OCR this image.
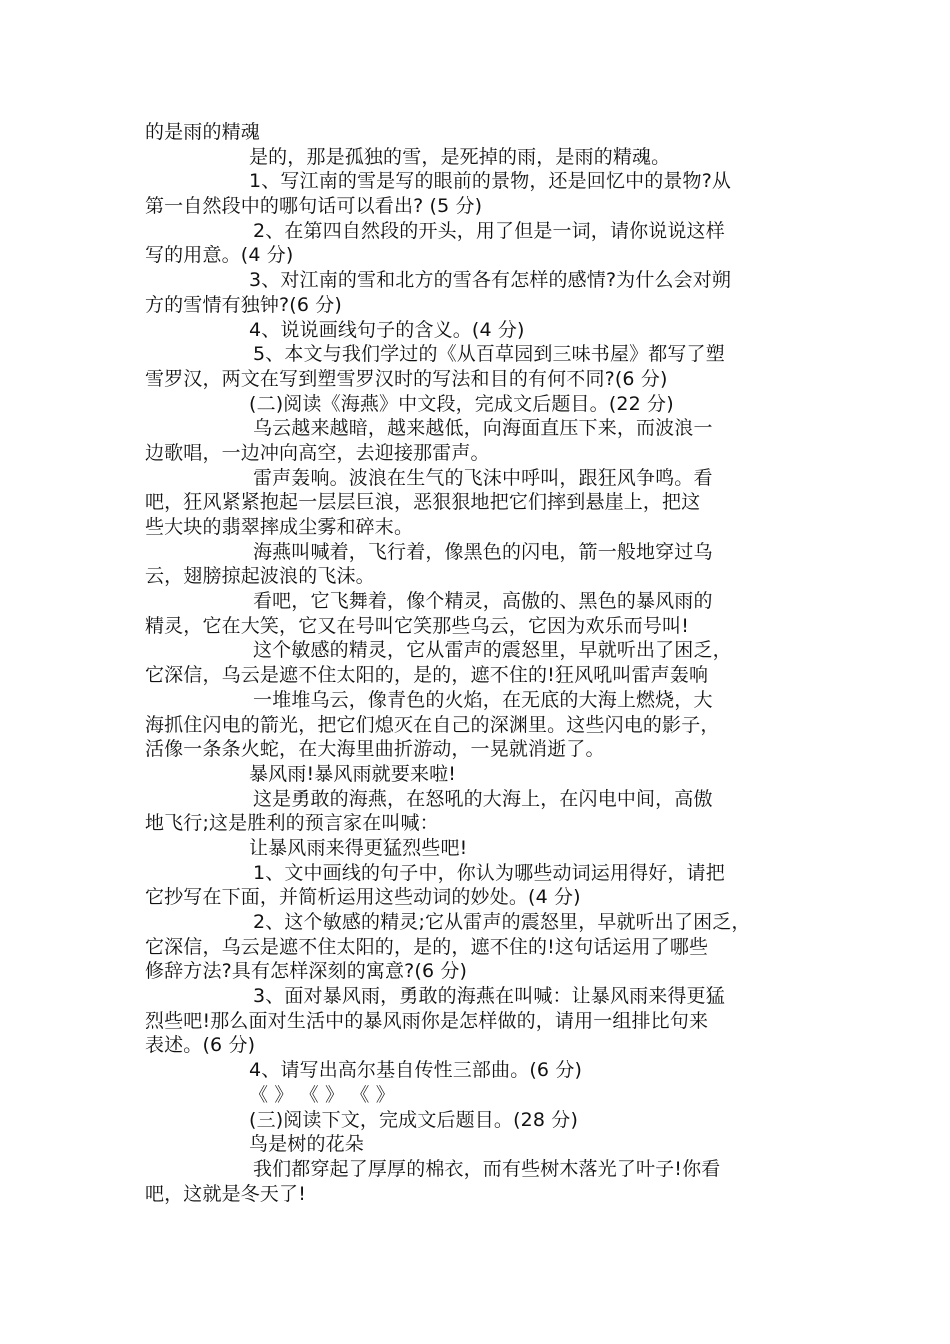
的是雨的精魂
是的，那是孤独的雪，是死掉的雨，是雨的精魂。
1、写江南的雪是写的眼前的景物，还是回忆中的景物?从
第一自然段中的哪句话可以看出? (5 分)
2、在第四自然段的开头，用了但是一词，请你说说这样
写的用意。(4 分)
3、对江南的雪和北方的雪各有怎样的感情?为什么会对朔
方的雪情有独钟?(6 分)
4、说说画线句子的含义。(4 分)
5、本文与我们学过的《从百草园到三味书屋》都写了塑
雪罗汉，两文在写到塑雪罗汉时的写法和目的有何不同?(6 分)
(二)阅读《海燕》中文段，完成文后题目。(22 分)
乌云越来越暗，越来越低，向海面直压下来，而波浪一
边歌唱，一边冲向高空，去迎接那雷声。
雷声轰响。波浪在生气的飞沫中呼叫，跟狂风争鸣。看
吧，狂风紧紧抱起一层层巨浪，恶狠狠地把它们摔到悬崖上，把这
些大块的翡翠摔成尘雾和碎末。
海燕叫喊着，飞行着，像黑色的闪电，箭一般地穿过乌
云，翅膀掠起波浪的飞沫。
看吧，它飞舞着，像个精灵，高傲的、黑色的暴风雨的
精灵，它在大笑，它又在号叫它笑那些乌云，它因为欢乐而号叫!
这个敏感的精灵，它从雷声的震怒里，早就听出了困乏，
它深信，乌云是遮不住太阳的，是的，遮不住的!狂风吼叫雷声轰响
一堆堆乌云，像青色的火焰，在无底的大海上燃烧，大
海抓住闪电的箭光，把它们熄灭在自己的深渊里。这些闪电的影子，
活像一条条火蛇，在大海里曲折游动，一晃就消逝了。
暴风雨!暴风雨就要来啦!
这是勇敢的海燕，在怒吼的大海上，在闪电中间，高傲
地飞行;这是胜利的预言家在叫喊：
让暴风雨来得更猛烈些吧!
1、文中画线的句子中，你认为哪些动词运用得好，请把
它抄写在下面，并简析运用这些动词的妙处。(4 分)
2、这个敏感的精灵;它从雷声的震怒里，早就听出了困乏，
它深信，乌云是遮不住太阳的，是的，遮不住的!这句话运用了哪些
修辞方法?具有怎样深刻的寓意?(6 分)
3、面对暴风雨，勇敢的海燕在叫喊：让暴风雨来得更猛
烈些吧!那么面对生活中的暴风雨你是怎样做的，请用一组排比句来
表述。(6 分)
4、请写出高尔基自传性三部曲。(6 分)
《 》 《 》 《 》
(三)阅读下文，完成文后题目。(28 分)
鸟是树的花朵
我们都穿起了厚厚的棉衣，而有些树木落光了叶子!你看
吧，这就是冬天了!
